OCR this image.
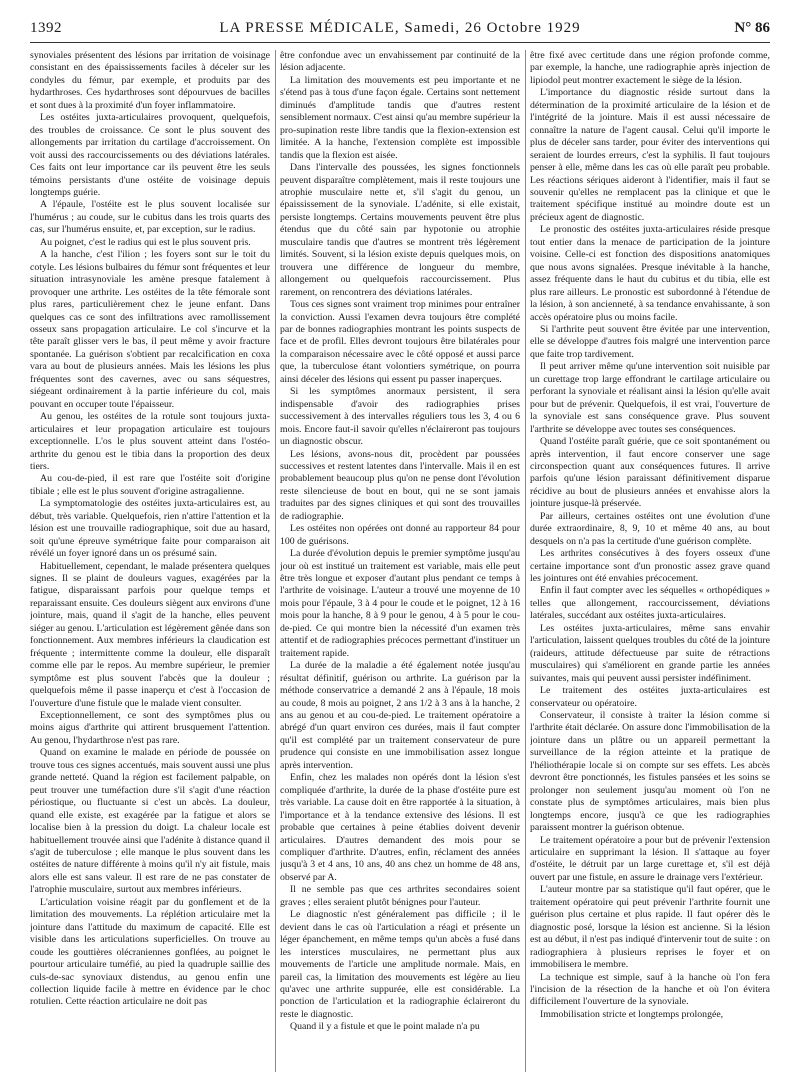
1392	LA PRESSE MÉDICALE, Samedi, 26 Octobre 1929	N° 86

synoviales présentent des lésions par irritation de voisinage consistant en des épaississements faciles à déceler sur les condyles du fémur, par exemple, et produits par des hydarthroses. Ces hydarthroses sont dépourvues de bacilles et sont dues à la proximité d'un foyer inflammatoire.

Les ostéites juxta-articulaires provoquent, quelquefois, des troubles de croissance. Ce sont le plus souvent des allongements par irritation du cartilage d'accroissement. On voit aussi des raccourcissements ou des déviations latérales. Ces faits ont leur importance car ils peuvent être les seuls témoins persistants d'une ostéite de voisinage depuis longtemps guérie.

A l'épaule, l'ostéite est le plus souvent localisée sur l'humérus ; au coude, sur le cubitus dans les trois quarts des cas, sur l'humérus ensuite, et, par exception, sur le radius.

Au poignet, c'est le radius qui est le plus souvent pris.

A la hanche, c'est l'ilion ; les foyers sont sur le toit du cotyle. Les lésions bulbaires du fémur sont fréquentes et leur situation intrasynoviale les amène presque fatalement à provoquer une arthrite. Les ostéites de la tête fémorale sont plus rares, particulièrement chez le jeune enfant. Dans quelques cas ce sont des infiltrations avec ramollissement osseux sans propagation articulaire. Le col s'incurve et la tête paraît glisser vers le bas, il peut même y avoir fracture spontanée. La guérison s'obtient par recalcification en coxa vara au bout de plusieurs années. Mais les lésions les plus fréquentes sont des cavernes, avec ou sans séquestres, siégeant ordinairement à la partie inférieure du col, mais pouvant en occuper toute l'épaisseur.

Au genou, les ostéites de la rotule sont toujours juxta-articulaires et leur propagation articulaire est toujours exceptionnelle. L'os le plus souvent atteint dans l'ostéo-arthrite du genou est le tibia dans la proportion des deux tiers.

Au cou-de-pied, il est rare que l'ostéite soit d'origine tibiale ; elle est le plus souvent d'origine astragalienne.

La symptomatologie des ostéites juxta-articulaires est, au début, très variable. Quelquefois, rien n'attire l'attention et la lésion est une trouvaille radiographique, soit due au hasard, soit qu'une épreuve symétrique faite pour comparaison ait révélé un foyer ignoré dans un os présumé sain.

Habituellement, cependant, le malade présentera quelques signes. Il se plaint de douleurs vagues, exagérées par la fatigue, disparaissant parfois pour quelque temps et reparaissant ensuite. Ces douleurs siègent aux environs d'une jointure, mais, quand il s'agit de la hanche, elles peuvent siéger au genou. L'articulation est légèrement gênée dans son fonctionnement. Aux membres inférieurs la claudication est fréquente ; intermittente comme la douleur, elle disparaît comme elle par le repos. Au membre supérieur, le premier symptôme est plus souvent l'abcès que la douleur ; quelquefois même il passe inaperçu et c'est à l'occasion de l'ouverture d'une fistule que le malade vient consulter.

Exceptionnellement, ce sont des symptômes plus ou moins aigus d'arthrite qui attirent brusquement l'attention. Au genou, l'hydarthrose n'est pas rare.

Quand on examine le malade en période de poussée on trouve tous ces signes accentués, mais souvent aussi une plus grande netteté. Quand la région est facilement palpable, on peut trouver une tuméfaction dure s'il s'agit d'une réaction périostique, ou fluctuante si c'est un abcès. La douleur, quand elle existe, est exagérée par la fatigue et alors se localise bien à la pression du doigt. La chaleur locale est habituellement trouvée ainsi que l'adénite à distance quand il s'agit de tuberculose ; elle manque le plus souvent dans les ostéites de nature différente à moins qu'il n'y ait fistule, mais alors elle est sans valeur. Il est rare de ne pas constater de l'atrophie musculaire, surtout aux membres inférieurs.

L'articulation voisine réagit par du gonflement et de la limitation des mouvements. La réplétion articulaire met la jointure dans l'attitude du maximum de capacité. Elle est visible dans les articulations superficielles. On trouve au coude les gouttières olécraniennes gonflées, au poignet le pourtour articulaire tuméfié, au pied la quadruple saillie des culs-de-sac synoviaux distendus, au genou enfin une collection liquide facile à mettre en évidence par le choc rotulien. Cette réaction articulaire ne doit pas

être confondue avec un envahissement par continuité de la lésion adjacente.

La limitation des mouvements est peu importante et ne s'étend pas à tous d'une façon égale. Certains sont nettement diminués d'amplitude tandis que d'autres restent sensiblement normaux. C'est ainsi qu'au membre supérieur la pro-supination reste libre tandis que la flexion-extension est limitée. A la hanche, l'extension complète est impossible tandis que la flexion est aisée.

Dans l'intervalle des poussées, les signes fonctionnels peuvent disparaître complètement, mais il reste toujours une atrophie musculaire nette et, s'il s'agit du genou, un épaississement de la synoviale. L'adénite, si elle existait, persiste longtemps. Certains mouvements peuvent être plus étendus que du côté sain par hypotonie ou atrophie musculaire tandis que d'autres se montrent très légèrement limités. Souvent, si la lésion existe depuis quelques mois, on trouvera une différence de longueur du membre, allongement ou quelquefois raccourcissement. Plus rarement, on rencontrera des déviations latérales.

Tous ces signes sont vraiment trop minimes pour entraîner la conviction. Aussi l'examen devra toujours être complété par de bonnes radiographies montrant les points suspects de face et de profil. Elles devront toujours être bilatérales pour la comparaison nécessaire avec le côté opposé et aussi parce que, la tuberculose étant volontiers symétrique, on pourra ainsi déceler des lésions qui essent pu passer inaperçues.

Si les symptômes anormaux persistent, il sera indispensable d'avoir des radiographies prises successivement à des intervalles réguliers tous les 3, 4 ou 6 mois. Encore faut-il savoir qu'elles n'éclaireront pas toujours un diagnostic obscur.

Les lésions, avons-nous dit, procèdent par poussées successives et restent latentes dans l'intervalle. Mais il en est probablement beaucoup plus qu'on ne pense dont l'évolution reste silencieuse de bout en bout, qui ne se sont jamais traduites par des signes cliniques et qui sont des trouvailles de radiographie.

Les ostéites non opérées ont donné au rapporteur 84 pour 100 de guérisons.

La durée d'évolution depuis le premier symptôme jusqu'au jour où est institué un traitement est variable, mais elle peut être très longue et exposer d'autant plus pendant ce temps à l'arthrite de voisinage. L'auteur a trouvé une moyenne de 10 mois pour l'épaule, 3 à 4 pour le coude et le poignet, 12 à 16 mois pour la hanche, 8 à 9 pour le genou, 4 à 5 pour le cou-de-pied. Ce qui montre bien la nécessité d'un examen très attentif et de radiographies précoces permettant d'instituer un traitement rapide.

La durée de la maladie a été également notée jusqu'au résultat définitif, guérison ou arthrite. La guérison par la méthode conservatrice a demandé 2 ans à l'épaule, 18 mois au coude, 8 mois au poignet, 2 ans 1/2 à 3 ans à la hanche, 2 ans au genou et au cou-de-pied. Le traitement opératoire a abrégé d'un quart environ ces durées, mais il faut compter qu'il est complété par un traitement conservateur de pure prudence qui consiste en une immobilisation assez longue après intervention.

Enfin, chez les malades non opérés dont la lésion s'est compliquée d'arthrite, la durée de la phase d'ostéite pure est très variable. La cause doit en être rapportée à la situation, à l'importance et à la tendance extensive des lésions. Il est probable que certaines à peine établies doivent devenir articulaires. D'autres demandent des mois pour se compliquer d'arthrite. D'autres, enfin, réclament des années jusqu'à 3 et 4 ans, 10 ans, 40 ans chez un homme de 48 ans, observé par A.

Il ne semble pas que ces arthrites secondaires soient graves ; elles seraient plutôt bénignes pour l'auteur.

Le diagnostic n'est généralement pas difficile ; il le devient dans le cas où l'articulation a réagi et présente un léger épanchement, en même temps qu'un abcès a fusé dans les interstices musculaires, ne permettant plus aux mouvements de l'article une amplitude normale. Mais, en pareil cas, la limitation des mouvements est légère au lieu qu'avec une arthrite suppurée, elle est considérable. La ponction de l'articulation et la radiographie éclaireront du reste le diagnostic.

Quand il y a fistule et que le point malade n'a pu

être fixé avec certitude dans une région profonde comme, par exemple, la hanche, une radiographie après injection de lipiodol peut montrer exactement le siège de la lésion.

L'importance du diagnostic réside surtout dans la détermination de la proximité articulaire de la lésion et de l'intégrité de la jointure. Mais il est aussi nécessaire de connaître la nature de l'agent causal. Celui qu'il importe le plus de déceler sans tarder, pour éviter des interventions qui seraient de lourdes erreurs, c'est la syphilis. Il faut toujours penser à elle, même dans les cas où elle paraît peu probable. Les réactions sériques aideront à l'identifier, mais il faut se souvenir qu'elles ne remplacent pas la clinique et que le traitement spécifique institué au moindre doute est un précieux agent de diagnostic.

Le pronostic des ostéites juxta-articulaires réside presque tout entier dans la menace de participation de la jointure voisine. Celle-ci est fonction des dispositions anatomiques que nous avons signalées. Presque inévitable à la hanche, assez fréquente dans le haut du cubitus et du tibia, elle est plus rare ailleurs. Le pronostic est subordonné à l'étendue de la lésion, à son ancienneté, à sa tendance envahissante, à son accès opératoire plus ou moins facile.

Si l'arthrite peut souvent être évitée par une intervention, elle se développe d'autres fois malgré une intervention parce que faite trop tardivement.

Il peut arriver même qu'une intervention soit nuisible par un curettage trop large effondrant le cartilage articulaire ou perforant la synoviale et réalisant ainsi la lésion qu'elle avait pour but de prévenir. Quelquefois, il est vrai, l'ouverture de la synoviale est sans conséquence grave. Plus souvent l'arthrite se développe avec toutes ses conséquences.

Quand l'ostéite paraît guérie, que ce soit spontanément ou après intervention, il faut encore conserver une sage circonspection quant aux conséquences futures. Il arrive parfois qu'une lésion paraissant définitivement disparue récidive au bout de plusieurs années et envahisse alors la jointure jusque-là préservée.

Par ailleurs, certaines ostéites ont une évolution d'une durée extraordinaire, 8, 9, 10 et même 40 ans, au bout desquels on n'a pas la certitude d'une guérison complète.

Les arthrites consécutives à des foyers osseux d'une certaine importance sont d'un pronostic assez grave quand les jointures ont été envahies précocement.

Enfin il faut compter avec les séquelles « orthopédiques » telles que allongement, raccourcissement, déviations latérales, succédant aux ostéites juxta-articulaires.

Les ostéites juxta-articulaires, même sans envahir l'articulation, laissent quelques troubles du côté de la jointure (raideurs, attitude défectueuse par suite de rétractions musculaires) qui s'améliorent en grande partie les années suivantes, mais qui peuvent aussi persister indéfiniment.

Le traitement des ostéites juxta-articulaires est conservateur ou opératoire.

Conservateur, il consiste à traiter la lésion comme si l'arthrite était déclarée. On assure donc l'immobilisation de la jointure dans un plâtre ou un appareil permettant la surveillance de la région atteinte et la pratique de l'héliothérapie locale si on compte sur ses effets. Les abcès devront être ponctionnés, les fistules pansées et les soins se prolonger non seulement jusqu'au moment où l'on ne constate plus de symptômes articulaires, mais bien plus longtemps encore, jusqu'à ce que les radiographies paraissent montrer la guérison obtenue.

Le traitement opératoire a pour but de prévenir l'extension articulaire en supprimant la lésion. Il s'attaque au foyer d'ostéite, le détruit par un large curettage et, s'il est déjà ouvert par une fistule, en assure le drainage vers l'extérieur.

L'auteur montre par sa statistique qu'il faut opérer, que le traitement opératoire qui peut prévenir l'arthrite fournit une guérison plus certaine et plus rapide. Il faut opérer dès le diagnostic posé, lorsque la lésion est ancienne. Si la lésion est au début, il n'est pas indiqué d'intervenir tout de suite : on radiographiera à plusieurs reprises le foyer et on immobilisera le membre.

La technique est simple, sauf à la hanche où l'on fera l'incision de la résection de la hanche et où l'on évitera difficilement l'ouverture de la synoviale.

Immobilisation stricte et longtemps prolongée,
